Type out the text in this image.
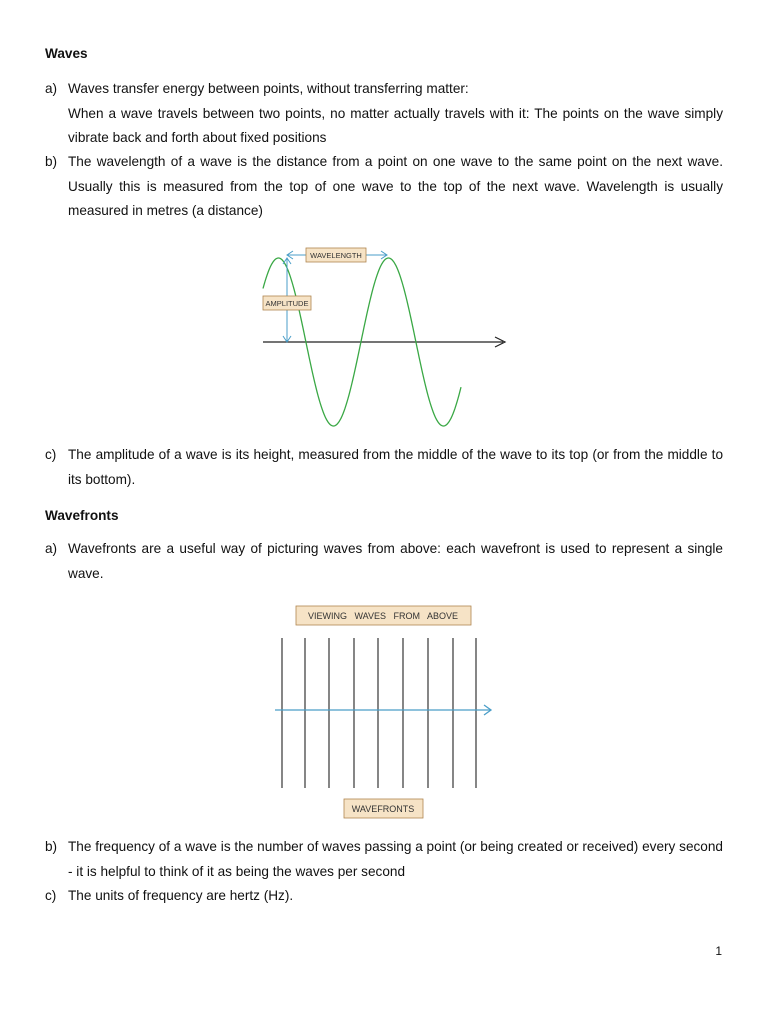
Waves
a) Waves transfer energy between points, without transferring matter:

When a wave travels between two points, no matter actually travels with it: The points on the wave simply vibrate back and forth about fixed positions

b) The wavelength of a wave is the distance from a point on one wave to the same point on the next wave. Usually this is measured from the top of one wave to the top of the next wave. Wavelength is usually measured in metres (a distance)

WAVELENGTH
AMPLITUDE
c) The amplitude of a wave is its height, measured from the middle of the wave to its top (or from the middle to its bottom).

Wavefronts
a) Wavefronts are a useful way of picturing waves from above: each wavefront is used to represent a single wave.

VIEWING   WAVES   FROM   ABOVE
WAVEFRONTS
b) The frequency of a wave is the number of waves passing a point (or being created or received) every second - it is helpful to think of it as being the waves per second

c) The units of frequency are hertz (Hz).

1
